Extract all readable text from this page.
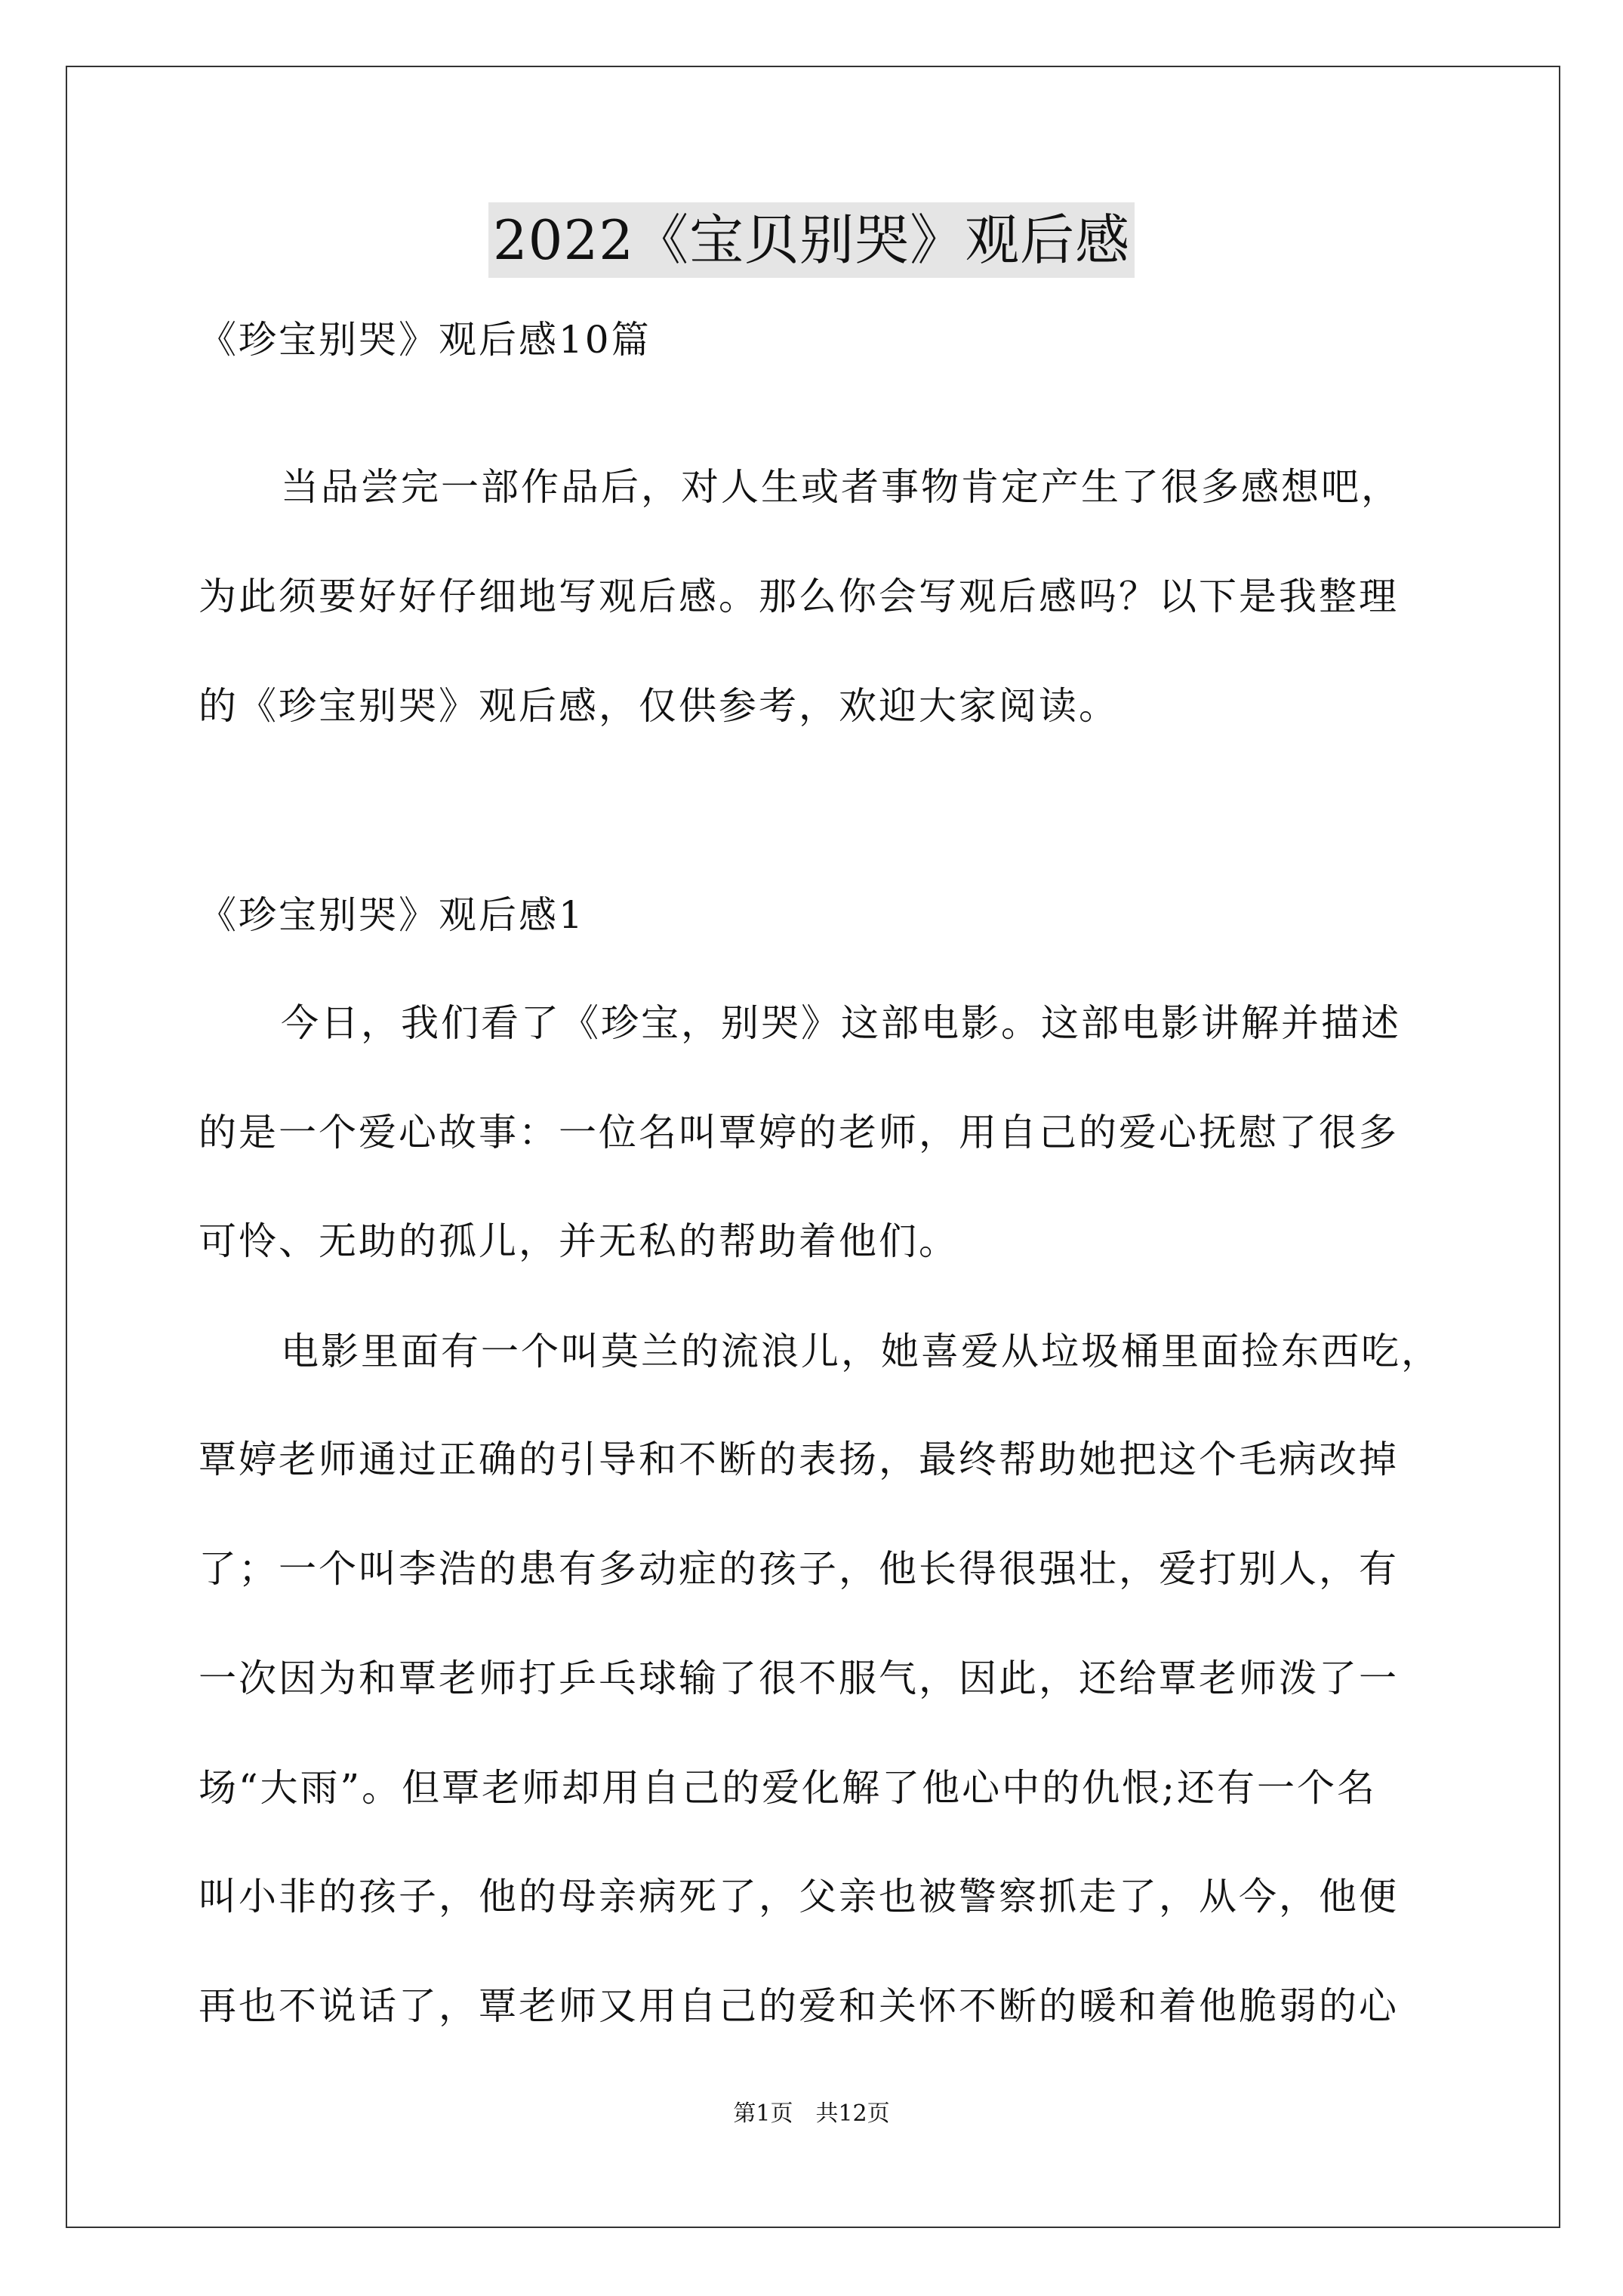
2022《宝贝别哭》观后感
《珍宝别哭》观后感10篇
当品尝完一部作品后，对人生或者事物肯定产生了很多感想吧，
为此须要好好仔细地写观后感。那么你会写观后感吗？以下是我整理
的《珍宝别哭》观后感，仅供参考，欢迎大家阅读。
《珍宝别哭》观后感1
今日，我们看了《珍宝，别哭》这部电影。这部电影讲解并描述
的是一个爱心故事：一位名叫覃婷的老师，用自己的爱心抚慰了很多
可怜、无助的孤儿，并无私的帮助着他们。
电影里面有一个叫莫兰的流浪儿，她喜爱从垃圾桶里面捡东西吃，
覃婷老师通过正确的引导和不断的表扬，最终帮助她把这个毛病改掉
了；一个叫李浩的患有多动症的孩子，他长得很强壮，爱打别人，有
一次因为和覃老师打乒乓球输了很不服气，因此，还给覃老师泼了一
场“大雨”。但覃老师却用自己的爱化解了他心中的仇恨;还有一个名
叫小非的孩子，他的母亲病死了，父亲也被警察抓走了，从今，他便
再也不说话了，覃老师又用自己的爱和关怀不断的暖和着他脆弱的心
第1页　共12页
